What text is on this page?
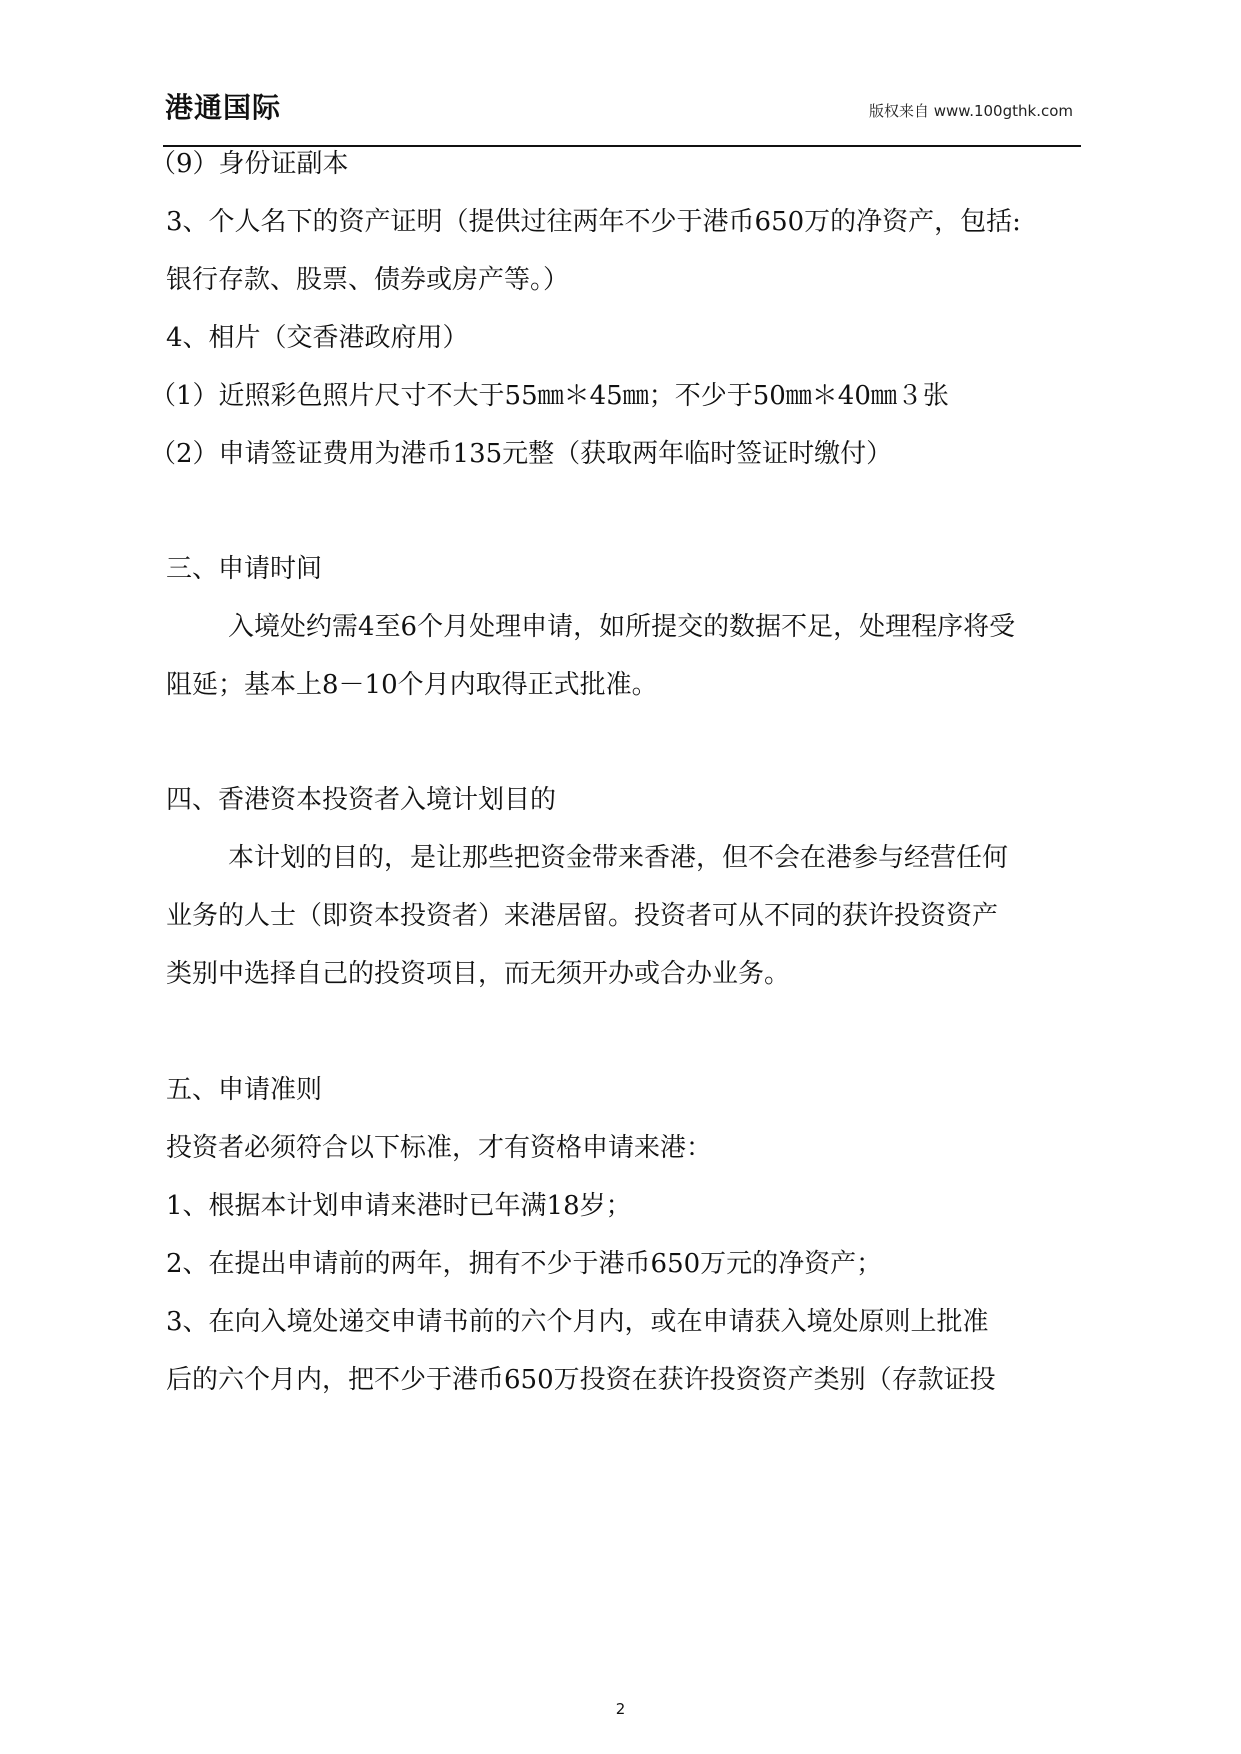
港通国际	版权来自 www.100gthk.com
（9）身份证副本
3、个人名下的资产证明（提供过往两年不少于港币650万的净资产，包括:
银行存款、股票、债券或房产等。）
4、相片（交香港政府用）
（1）近照彩色照片尺寸不大于55㎜＊45㎜；不少于50㎜＊40㎜３张
（2）申请签证费用为港币135元整（获取两年临时签证时缴付）
三、申请时间
入境处约需4至6个月处理申请，如所提交的数据不足，处理程序将受
阻延；基本上8－10个月内取得正式批准。
四、香港资本投资者入境计划目的
本计划的目的，是让那些把资金带来香港，但不会在港参与经营任何
业务的人士（即资本投资者）来港居留。投资者可从不同的获许投资资产
类别中选择自己的投资项目，而无须开办或合办业务。
五、申请准则
投资者必须符合以下标准，才有资格申请来港：
1、根据本计划申请来港时已年满18岁；
2、在提出申请前的两年，拥有不少于港币650万元的净资产；
3、在向入境处递交申请书前的六个月内，或在申请获入境处原则上批准
后的六个月内，把不少于港币650万投资在获许投资资产类别（存款证投
2
